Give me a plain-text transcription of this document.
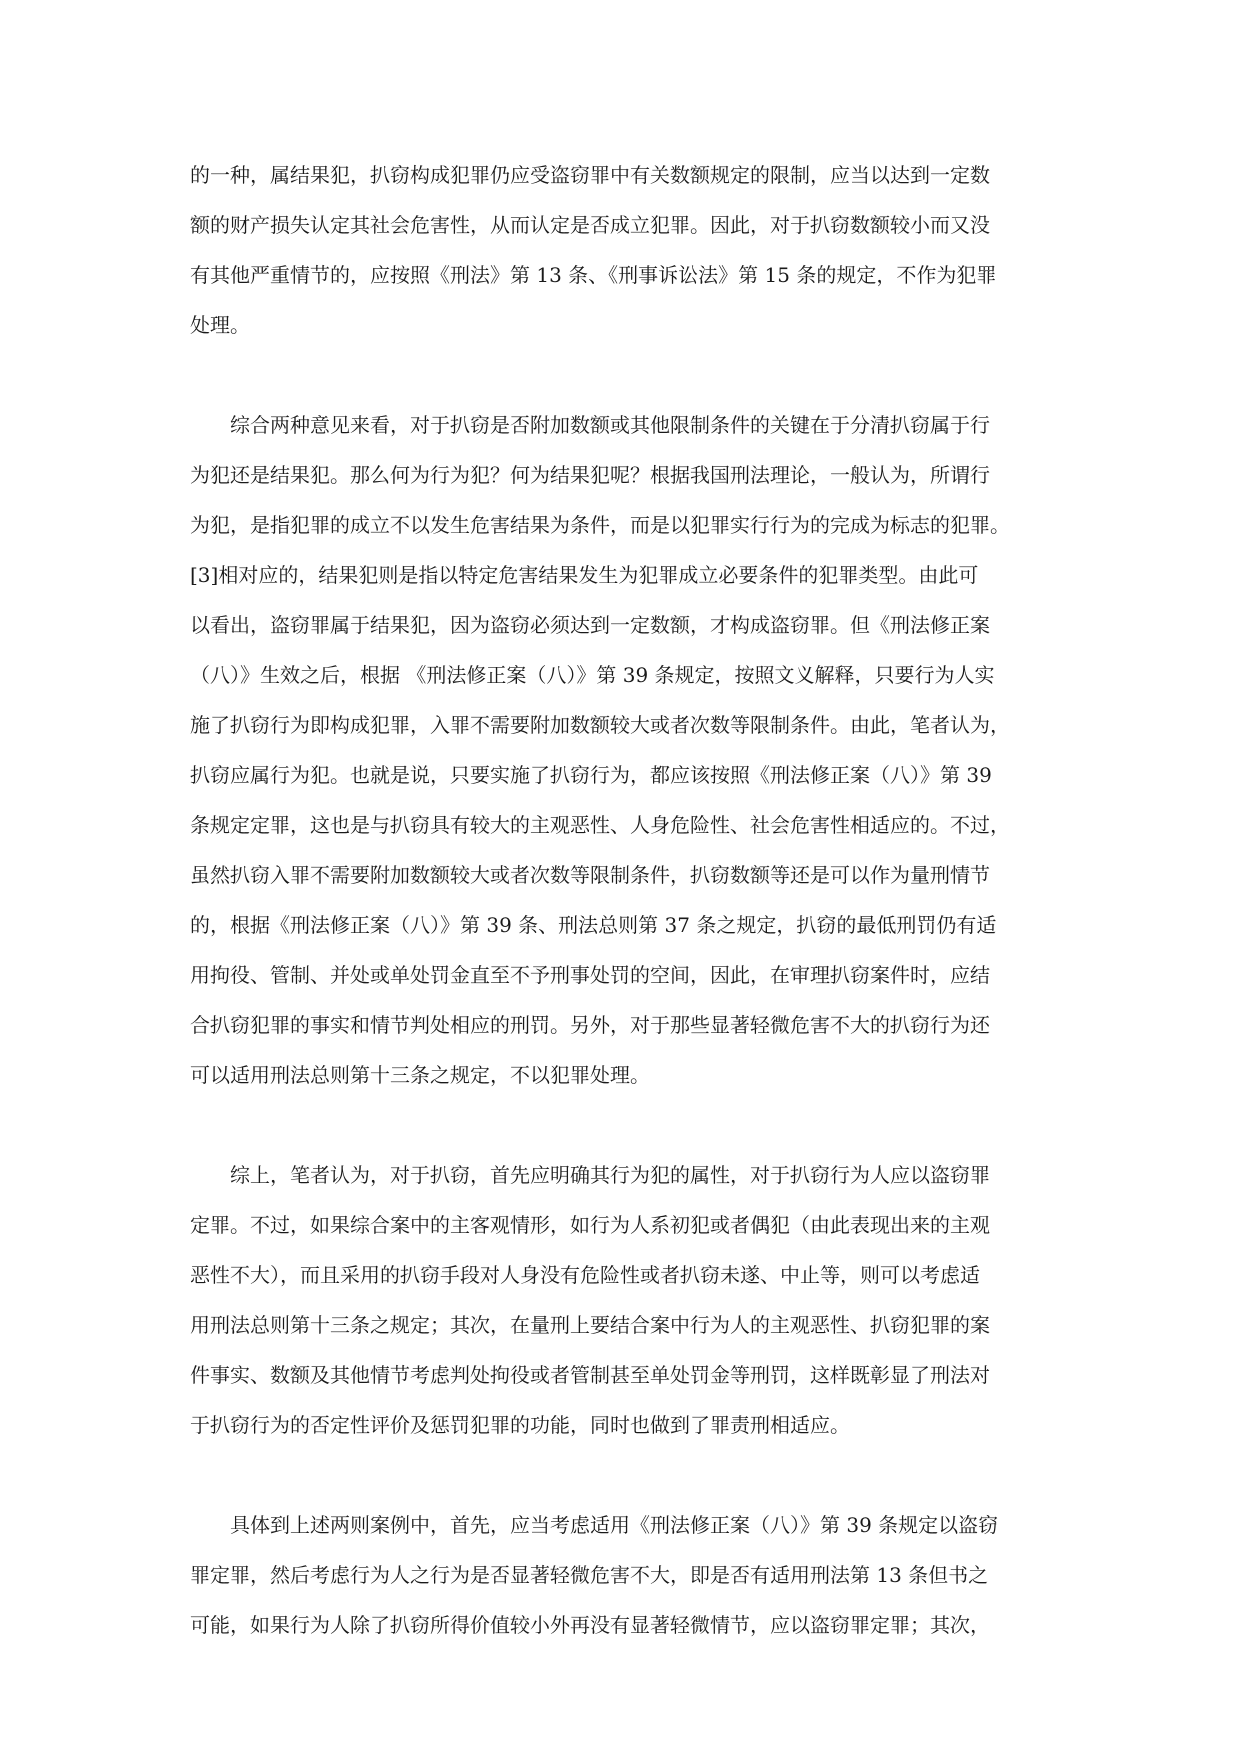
的一种，属结果犯，扒窃构成犯罪仍应受盗窃罪中有关数额规定的限制，应当以达到一定数
额的财产损失认定其社会危害性，从而认定是否成立犯罪。因此，对于扒窃数额较小而又没
有其他严重情节的，应按照《刑法》第 13 条、《刑事诉讼法》第 15 条的规定，不作为犯罪
处理。

　　综合两种意见来看，对于扒窃是否附加数额或其他限制条件的关键在于分清扒窃属于行
为犯还是结果犯。那么何为行为犯？何为结果犯呢？根据我国刑法理论，一般认为，所谓行
为犯，是指犯罪的成立不以发生危害结果为条件，而是以犯罪实行行为的完成为标志的犯罪。
[3]相对应的，结果犯则是指以特定危害结果发生为犯罪成立必要条件的犯罪类型。由此可
以看出，盗窃罪属于结果犯，因为盗窃必须达到一定数额，才构成盗窃罪。但《刑法修正案
（八）》生效之后，根据 《刑法修正案（八）》第 39 条规定，按照文义解释，只要行为人实
施了扒窃行为即构成犯罪，入罪不需要附加数额较大或者次数等限制条件。由此，笔者认为，
扒窃应属行为犯。也就是说，只要实施了扒窃行为，都应该按照《刑法修正案（八）》第 39
条规定定罪，这也是与扒窃具有较大的主观恶性、人身危险性、社会危害性相适应的。不过，
虽然扒窃入罪不需要附加数额较大或者次数等限制条件，扒窃数额等还是可以作为量刑情节
的，根据《刑法修正案（八）》第 39 条、刑法总则第 37 条之规定，扒窃的最低刑罚仍有适
用拘役、管制、并处或单处罚金直至不予刑事处罚的空间，因此，在审理扒窃案件时，应结
合扒窃犯罪的事实和情节判处相应的刑罚。另外，对于那些显著轻微危害不大的扒窃行为还
可以适用刑法总则第十三条之规定，不以犯罪处理。

　　综上，笔者认为，对于扒窃，首先应明确其行为犯的属性，对于扒窃行为人应以盗窃罪
定罪。不过，如果综合案中的主客观情形，如行为人系初犯或者偶犯（由此表现出来的主观
恶性不大），而且采用的扒窃手段对人身没有危险性或者扒窃未遂、中止等，则可以考虑适
用刑法总则第十三条之规定；其次，在量刑上要结合案中行为人的主观恶性、扒窃犯罪的案
件事实、数额及其他情节考虑判处拘役或者管制甚至单处罚金等刑罚，这样既彰显了刑法对
于扒窃行为的否定性评价及惩罚犯罪的功能，同时也做到了罪责刑相适应。

　　具体到上述两则案例中，首先，应当考虑适用《刑法修正案（八）》第 39 条规定以盗窃
罪定罪，然后考虑行为人之行为是否显著轻微危害不大，即是否有适用刑法第 13 条但书之
可能，如果行为人除了扒窃所得价值较小外再没有显著轻微情节，应以盗窃罪定罪；其次，
